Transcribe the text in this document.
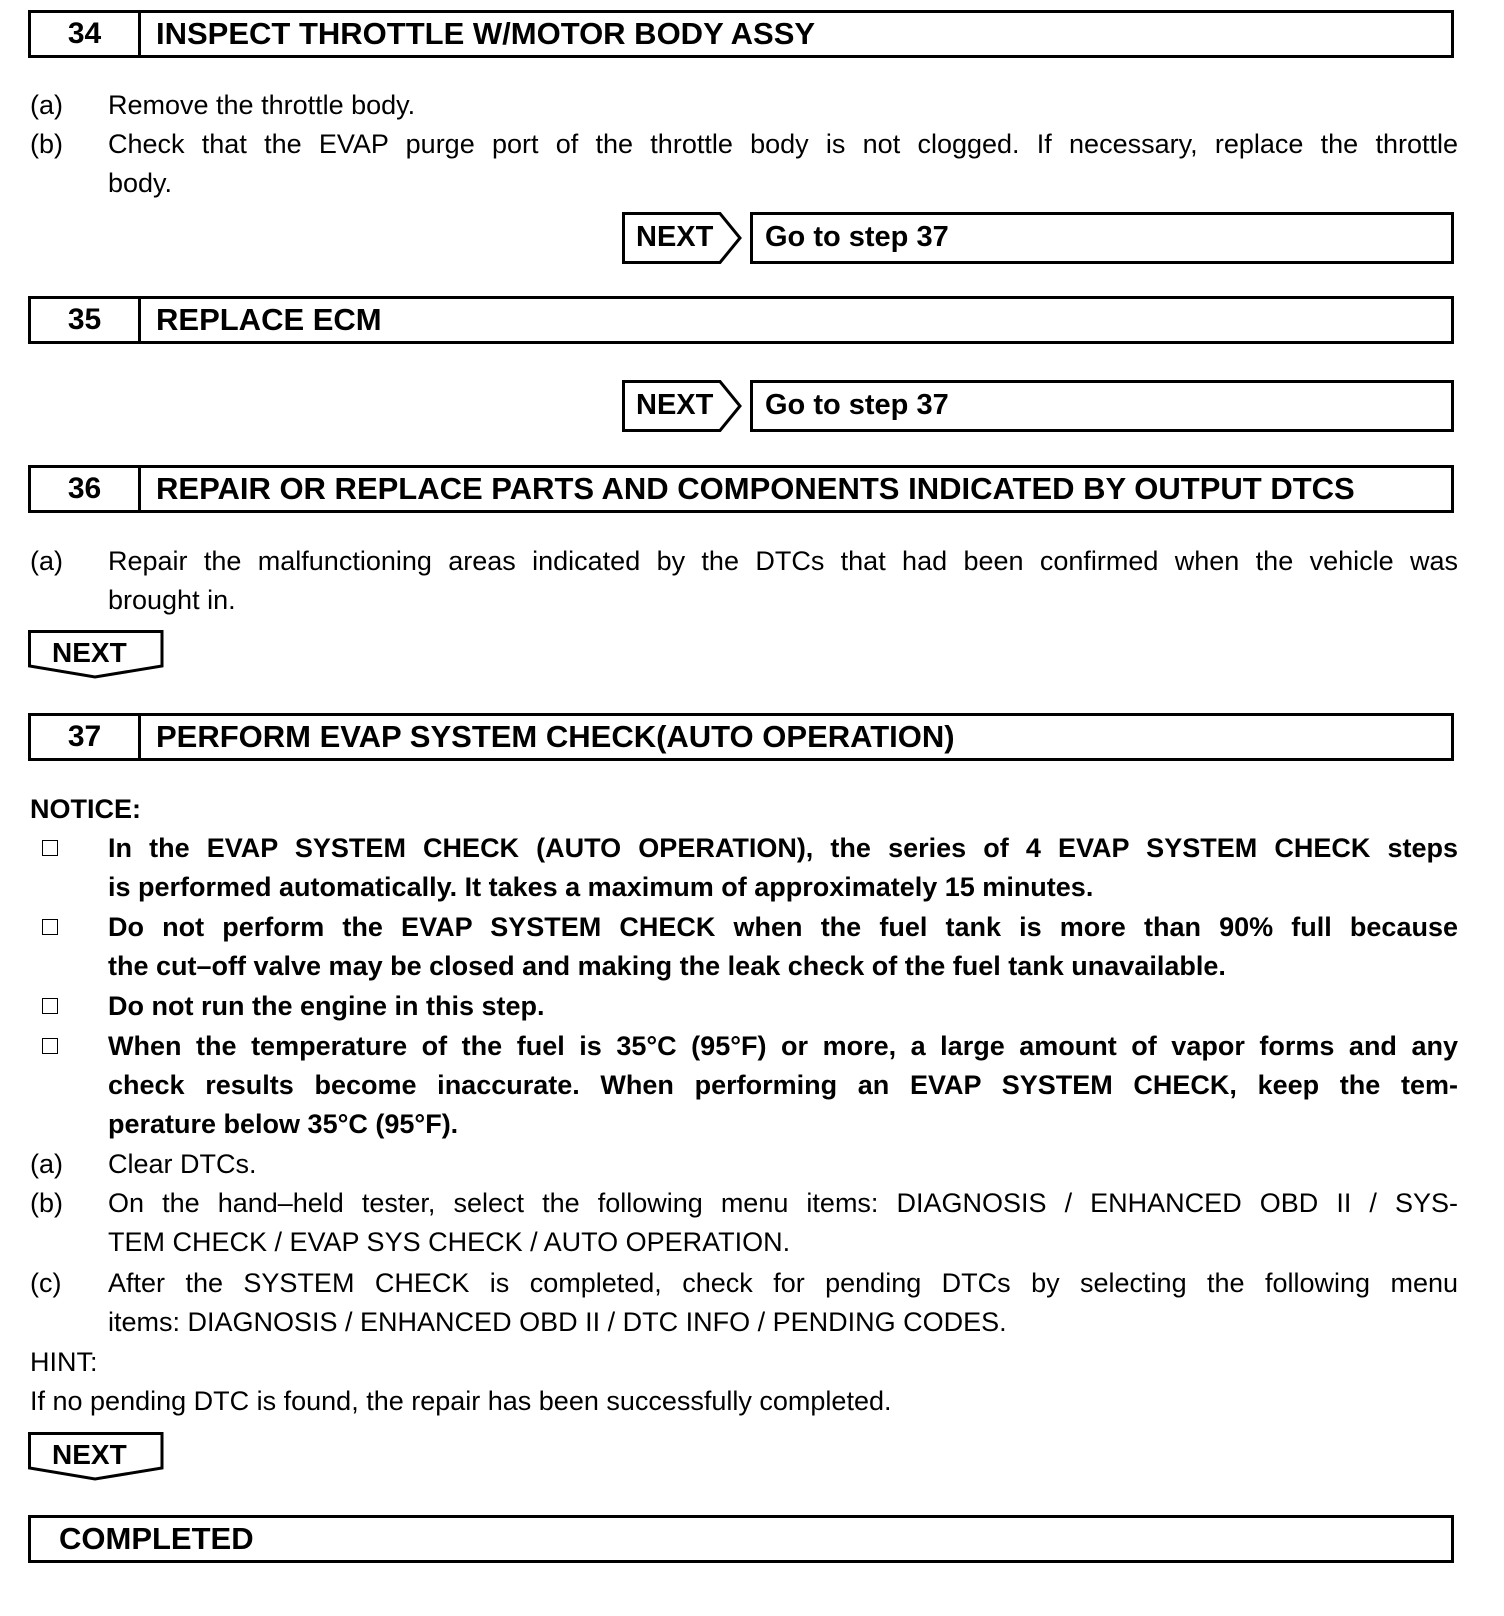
34	INSPECT THROTTLE W/MOTOR BODY ASSY
(a) Remove the throttle body.
(b) Check that the EVAP purge port of the throttle body is not clogged. If necessary, replace the throttle
body.
NEXT	Go to step 37
35	REPLACE ECM
NEXT	Go to step 37
36	REPAIR OR REPLACE PARTS AND COMPONENTS INDICATED BY OUTPUT DTCS
(a) Repair the malfunctioning areas indicated by the DTCs that had been confirmed when the vehicle was
brought in.
NEXT
37	PERFORM EVAP SYSTEM CHECK(AUTO OPERATION)
NOTICE:
In the EVAP SYSTEM CHECK (AUTO OPERATION), the series of 4 EVAP SYSTEM CHECK steps
is performed automatically. It takes a maximum of approximately 15 minutes.
Do not perform the EVAP SYSTEM CHECK when the fuel tank is more than 90% full because
the cut–off valve may be closed and making the leak check of the fuel tank unavailable.
Do not run the engine in this step.
When the temperature of the fuel is 35°C (95°F) or more, a large amount of vapor forms and any
check results become inaccurate. When performing an EVAP SYSTEM CHECK, keep the tem-
perature below 35°C (95°F).
(a) Clear DTCs.
(b) On the hand–held tester, select the following menu items: DIAGNOSIS / ENHANCED OBD II / SYS-
TEM CHECK / EVAP SYS CHECK / AUTO OPERATION.
(c) After the SYSTEM CHECK is completed, check for pending DTCs by selecting the following menu
items: DIAGNOSIS / ENHANCED OBD II / DTC INFO / PENDING CODES.
HINT:
If no pending DTC is found, the repair has been successfully completed.
NEXT
COMPLETED
